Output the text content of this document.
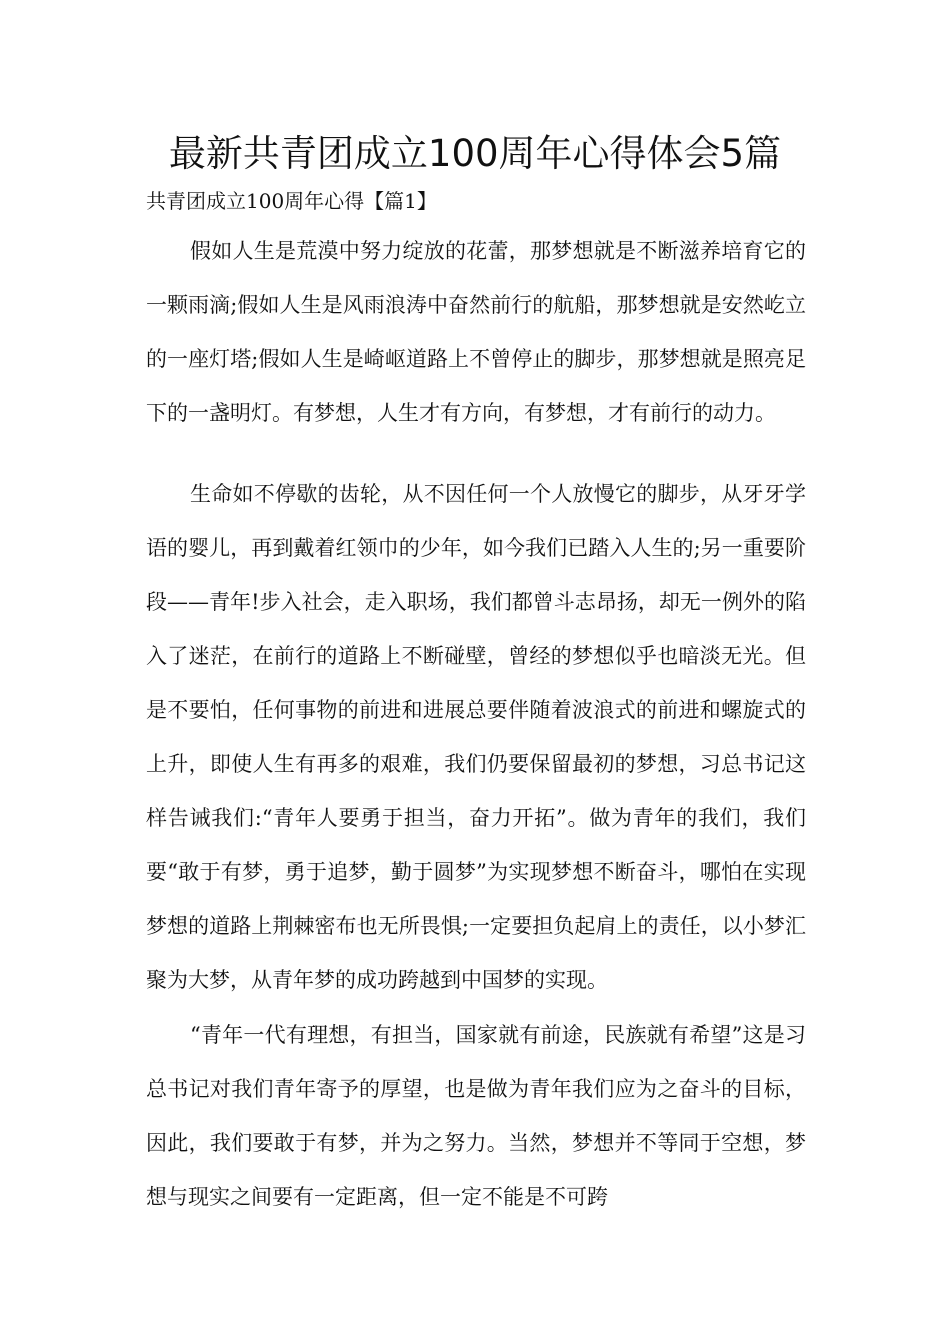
最新共青团成立100周年心得体会5篇

共青团成立100周年心得【篇1】

假如人生是荒漠中努力绽放的花蕾，那梦想就是不断滋养培育它的一颗雨滴;假如人生是风雨浪涛中奋然前行的航船，那梦想就是安然屹立的一座灯塔;假如人生是崎岖道路上不曾停止的脚步，那梦想就是照亮足下的一盏明灯。有梦想，人生才有方向，有梦想，才有前行的动力。

生命如不停歇的齿轮，从不因任何一个人放慢它的脚步，从牙牙学语的婴儿，再到戴着红领巾的少年，如今我们已踏入人生的;另一重要阶段——青年!步入社会，走入职场，我们都曾斗志昂扬，却无一例外的陷入了迷茫，在前行的道路上不断碰壁，曾经的梦想似乎也暗淡无光。但是不要怕，任何事物的前进和进展总要伴随着波浪式的前进和螺旋式的上升，即使人生有再多的艰难，我们仍要保留最初的梦想，习总书记这样告诫我们:“青年人要勇于担当，奋力开拓”。做为青年的我们，我们要“敢于有梦，勇于追梦，勤于圆梦”为实现梦想不断奋斗，哪怕在实现梦想的道路上荆棘密布也无所畏惧;一定要担负起肩上的责任，以小梦汇聚为大梦，从青年梦的成功跨越到中国梦的实现。

“青年一代有理想，有担当，国家就有前途，民族就有希望”这是习总书记对我们青年寄予的厚望，也是做为青年我们应为之奋斗的目标，因此，我们要敢于有梦，并为之努力。当然，梦想并不等同于空想，梦想与现实之间要有一定距离，但一定不能是不可跨
